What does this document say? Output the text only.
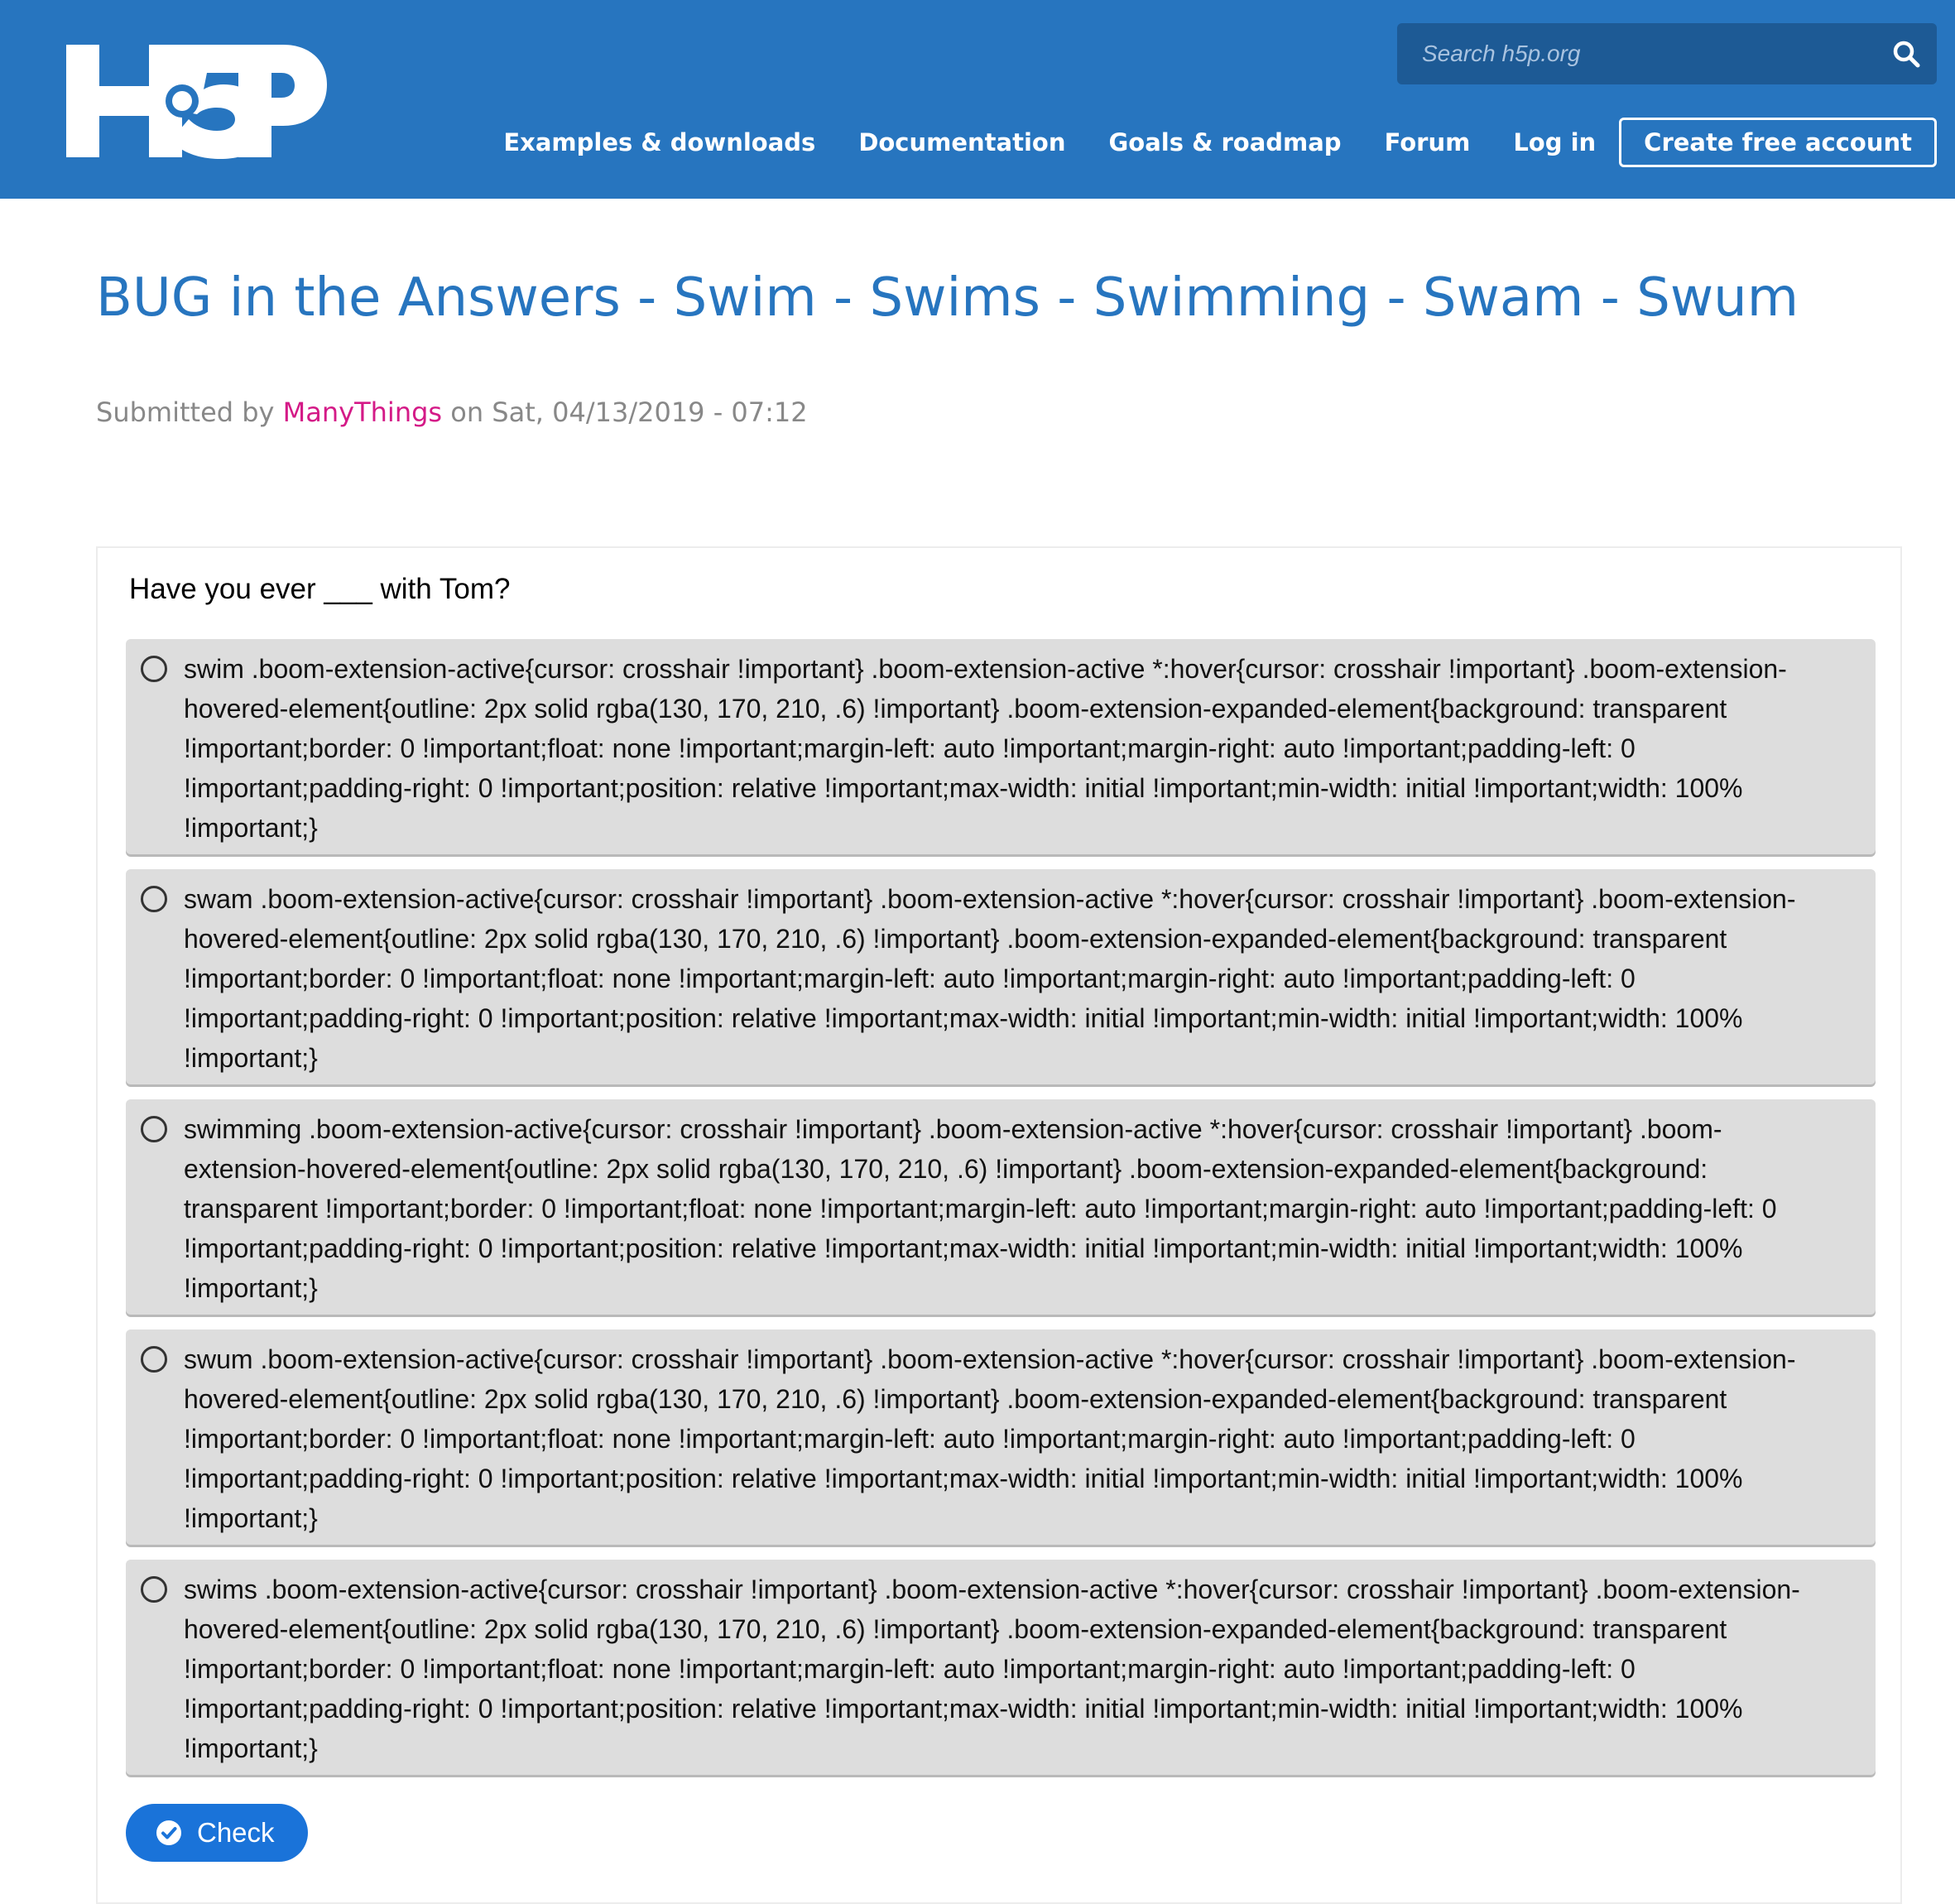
Search h5p.org
Examples & downloads Documentation Goals & roadmap Forum Log in	Create free account
BUG in the Answers - Swim - Swims - Swimming - Swam - Swum
Submitted by ManyThings on Sat, 04/13/2019 - 07:12
Have you ever ___ with Tom?
swim .boom-extension-active{cursor: crosshair !important} .boom-extension-active *:hover{cursor: crosshair !important} .boom-extension-hovered-element{outline: 2px solid rgba(130, 170, 210, .6) !important} .boom-extension-expanded-element{background: transparent !important;border: 0 !important;float: none !important;margin-left: auto !important;margin-right: auto !important;padding-left: 0 !important;padding-right: 0 !important;position: relative !important;max-width: initial !important;min-width: initial !important;width: 100% !important;}
swam .boom-extension-active{cursor: crosshair !important} .boom-extension-active *:hover{cursor: crosshair !important} .boom-extension-hovered-element{outline: 2px solid rgba(130, 170, 210, .6) !important} .boom-extension-expanded-element{background: transparent !important;border: 0 !important;float: none !important;margin-left: auto !important;margin-right: auto !important;padding-left: 0 !important;padding-right: 0 !important;position: relative !important;max-width: initial !important;min-width: initial !important;width: 100% !important;}
swimming .boom-extension-active{cursor: crosshair !important} .boom-extension-active *:hover{cursor: crosshair !important} .boom-extension-hovered-element{outline: 2px solid rgba(130, 170, 210, .6) !important} .boom-extension-expanded-element{background: transparent !important;border: 0 !important;float: none !important;margin-left: auto !important;margin-right: auto !important;padding-left: 0 !important;padding-right: 0 !important;position: relative !important;max-width: initial !important;min-width: initial !important;width: 100% !important;}
swum .boom-extension-active{cursor: crosshair !important} .boom-extension-active *:hover{cursor: crosshair !important} .boom-extension-hovered-element{outline: 2px solid rgba(130, 170, 210, .6) !important} .boom-extension-expanded-element{background: transparent !important;border: 0 !important;float: none !important;margin-left: auto !important;margin-right: auto !important;padding-left: 0 !important;padding-right: 0 !important;position: relative !important;max-width: initial !important;min-width: initial !important;width: 100% !important;}
swims .boom-extension-active{cursor: crosshair !important} .boom-extension-active *:hover{cursor: crosshair !important} .boom-extension-hovered-element{outline: 2px solid rgba(130, 170, 210, .6) !important} .boom-extension-expanded-element{background: transparent !important;border: 0 !important;float: none !important;margin-left: auto !important;margin-right: auto !important;padding-left: 0 !important;padding-right: 0 !important;position: relative !important;max-width: initial !important;min-width: initial !important;width: 100% !important;}
Check
